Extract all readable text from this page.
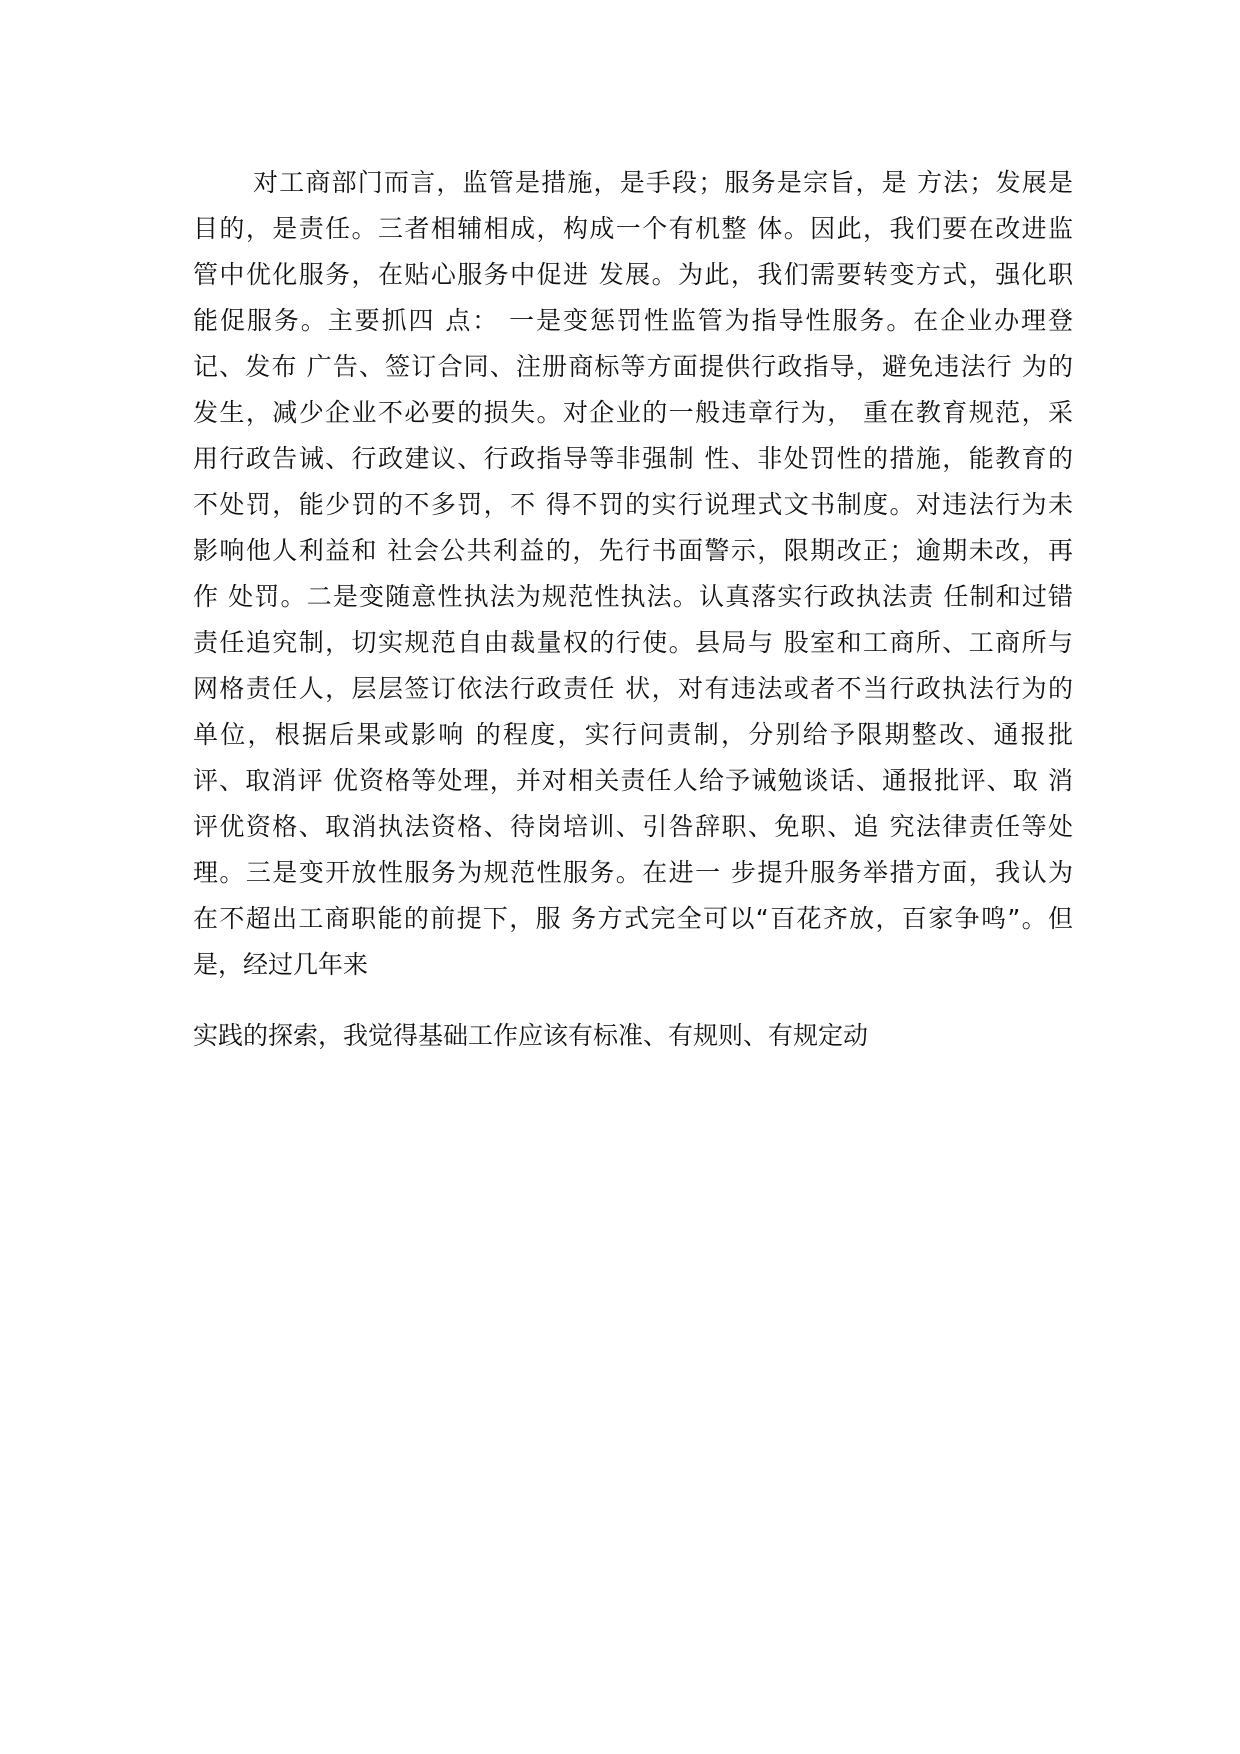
对工商部门而言，监管是措施，是手段；服务是宗旨，是 方法；发展是
目的，是责任。三者相辅相成，构成一个有机整 体。因此，我们要在改进监
管中优化服务，在贴心服务中促进 发展。为此，我们需要转变方式，强化职
能促服务。主要抓四 点： 一是变惩罚性监管为指导性服务。在企业办理登
记、发布 广告、签订合同、注册商标等方面提供行政指导，避免违法行 为的
发生，减少企业不必要的损失。对企业的一般违章行为， 重在教育规范，采
用行政告诫、行政建议、行政指导等非强制 性、非处罚性的措施，能教育的
不处罚，能少罚的不多罚，不 得不罚的实行说理式文书制度。对违法行为未
影响他人利益和 社会公共利益的，先行书面警示，限期改正；逾期未改，再
作 处罚。二是变随意性执法为规范性执法。认真落实行政执法责 任制和过错
责任追究制，切实规范自由裁量权的行使。县局与 股室和工商所、工商所与
网格责任人，层层签订依法行政责任 状，对有违法或者不当行政执法行为的
单位，根据后果或影响 的程度，实行问责制，分别给予限期整改、通报批
评、取消评 优资格等处理，并对相关责任人给予诫勉谈话、通报批评、取 消
评优资格、取消执法资格、待岗培训、引咎辞职、免职、追 究法律责任等处
理。三是变开放性服务为规范性服务。在进一 步提升服务举措方面，我认为
在不超出工商职能的前提下，服 务方式完全可以“百花齐放，百家争鸣”。但
是，经过几年来
实践的探索，我觉得基础工作应该有标准、有规则、有规定动
